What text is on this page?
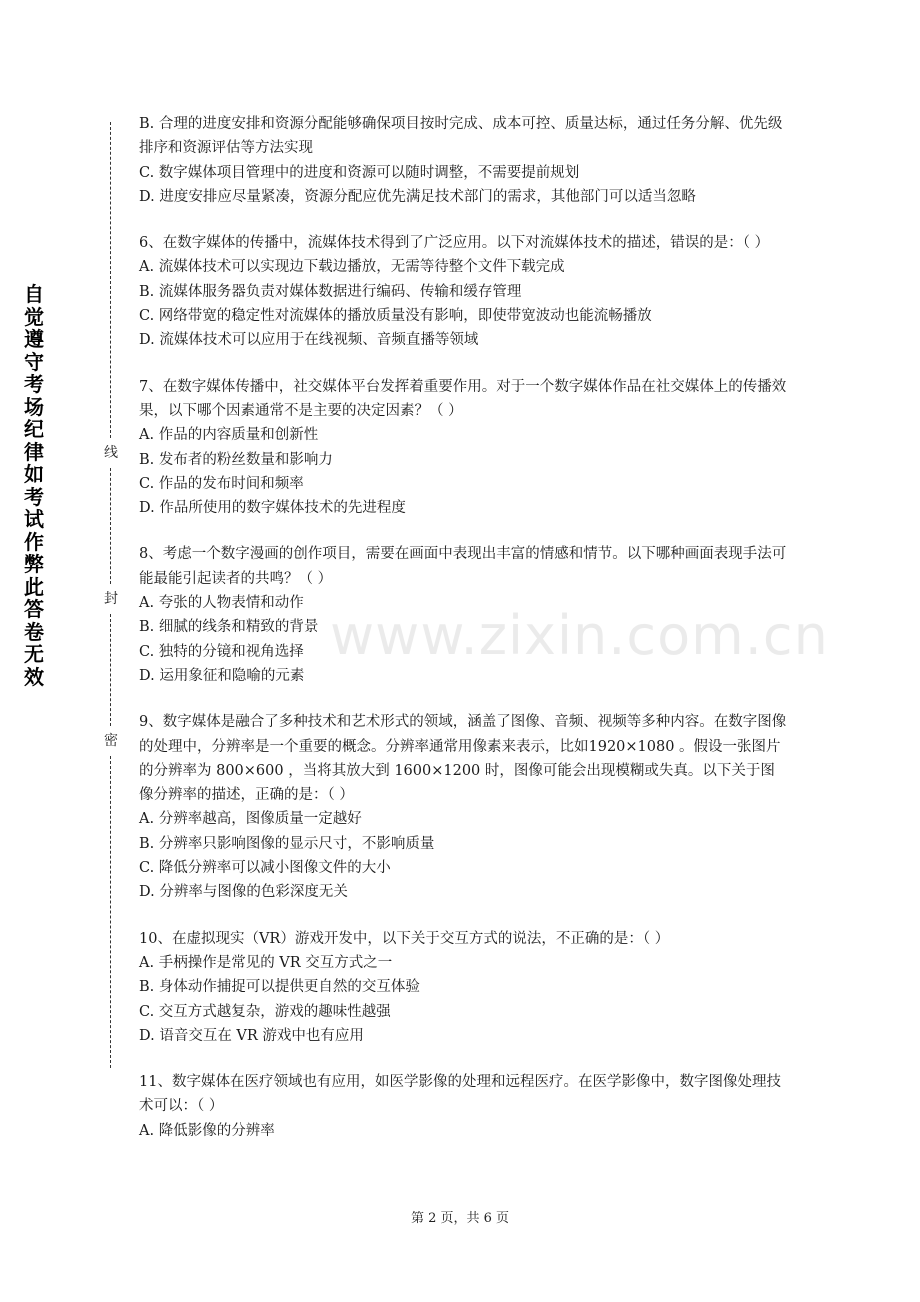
自
觉
遵
守
考
场
纪
律
如
考
试
作
弊
此
答
卷
无
效
线
封
密
www.zixin.com.cn

B. 合理的进度安排和资源分配能够确保项目按时完成、成本可控、质量达标，通过任务分解、优先级排序和资源评估等方法实现

C. 数字媒体项目管理中的进度和资源可以随时调整，不需要提前规划

D. 进度安排应尽量紧凑，资源分配应优先满足技术部门的需求，其他部门可以适当忽略

6、在数字媒体的传播中，流媒体技术得到了广泛应用。以下对流媒体技术的描述，错误的是：（ ）

A. 流媒体技术可以实现边下载边播放，无需等待整个文件下载完成

B. 流媒体服务器负责对媒体数据进行编码、传输和缓存管理

C. 网络带宽的稳定性对流媒体的播放质量没有影响，即使带宽波动也能流畅播放

D. 流媒体技术可以应用于在线视频、音频直播等领域

7、在数字媒体传播中，社交媒体平台发挥着重要作用。对于一个数字媒体作品在社交媒体上的传播效果，以下哪个因素通常不是主要的决定因素？（ ）

A. 作品的内容质量和创新性

B. 发布者的粉丝数量和影响力

C. 作品的发布时间和频率

D. 作品所使用的数字媒体技术的先进程度

8、考虑一个数字漫画的创作项目，需要在画面中表现出丰富的情感和情节。以下哪种画面表现手法可能最能引起读者的共鸣？（ ）

A. 夸张的人物表情和动作

B. 细腻的线条和精致的背景

C. 独特的分镜和视角选择

D. 运用象征和隐喻的元素

9、数字媒体是融合了多种技术和艺术形式的领域，涵盖了图像、音频、视频等多种内容。在数字图像的处理中，分辨率是一个重要的概念。分辨率通常用像素来表示，比如1920×1080 。假设一张图片的分辨率为 800×600 ，当将其放大到 1600×1200 时，图像可能会出现模糊或失真。以下关于图像分辨率的描述，正确的是：（ ）

A. 分辨率越高，图像质量一定越好

B. 分辨率只影响图像的显示尺寸，不影响质量

C. 降低分辨率可以减小图像文件的大小

D. 分辨率与图像的色彩深度无关

10、在虚拟现实（VR）游戏开发中，以下关于交互方式的说法，不正确的是：（ ）

A. 手柄操作是常见的 VR 交互方式之一

B. 身体动作捕捉可以提供更自然的交互体验

C. 交互方式越复杂，游戏的趣味性越强

D. 语音交互在 VR 游戏中也有应用

11、数字媒体在医疗领域也有应用，如医学影像的处理和远程医疗。在医学影像中，数字图像处理技术可以：（ ）

A. 降低影像的分辨率

第 2 页，共 6 页
